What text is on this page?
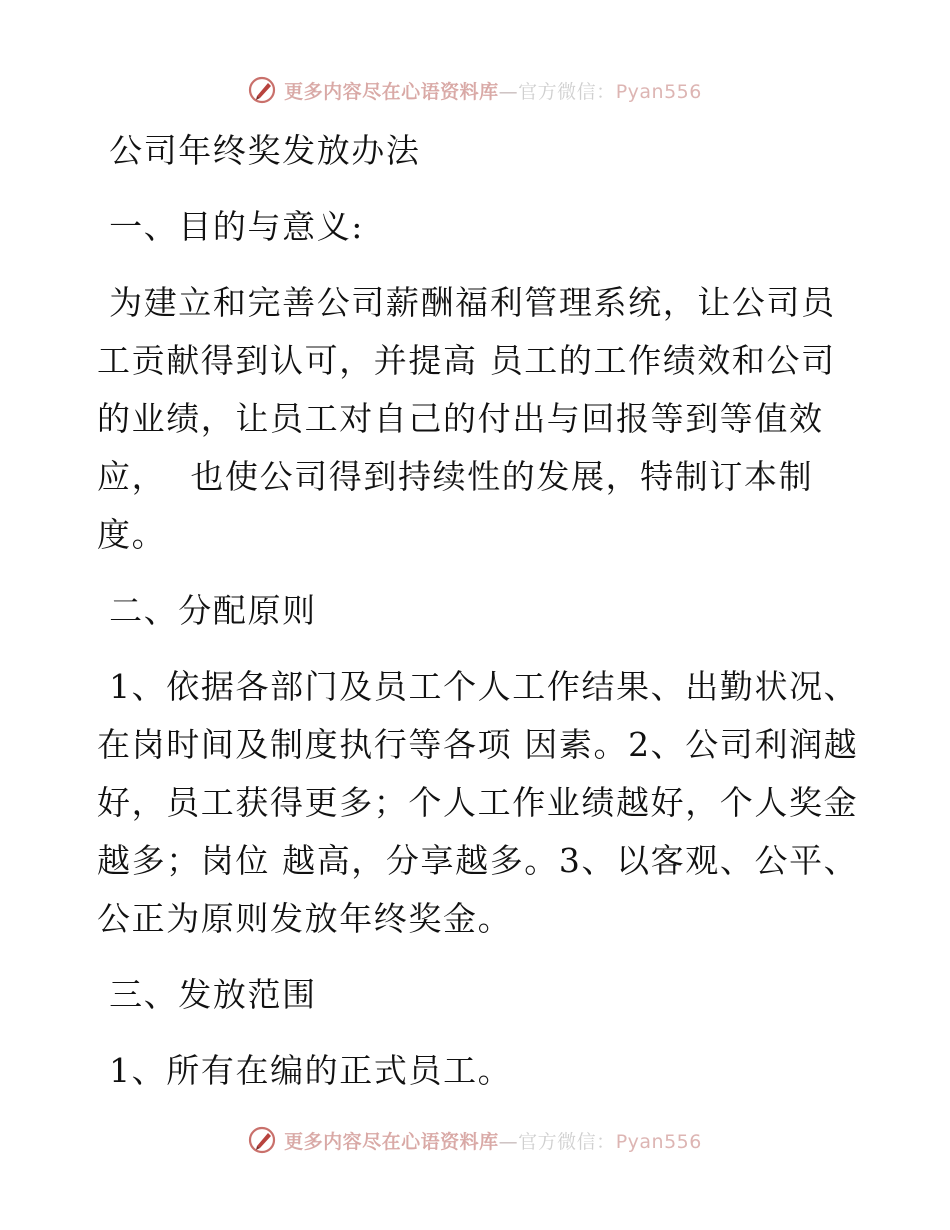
更多内容尽在心语资料库—官方微信：Pyan556
公司年终奖发放办法
一、目的与意义:
为建立和完善公司薪酬福利管理系统，让公司员
工贡献得到认可，并提高 员工的工作绩效和公司
的业绩，让员工对自己的付出与回报等到等值效
应，  也使公司得到持续性的发展，特制订本制
度。
二、分配原则
1、依据各部门及员工个人工作结果、出勤状况、
在岗时间及制度执行等各项 因素。2、公司利润越
好，员工获得更多；个人工作业绩越好，个人奖金
越多；岗位 越高，分享越多。3、以客观、公平、
公正为原则发放年终奖金。
三、发放范围
1、所有在编的正式员工。
更多内容尽在心语资料库—官方微信：Pyan556
